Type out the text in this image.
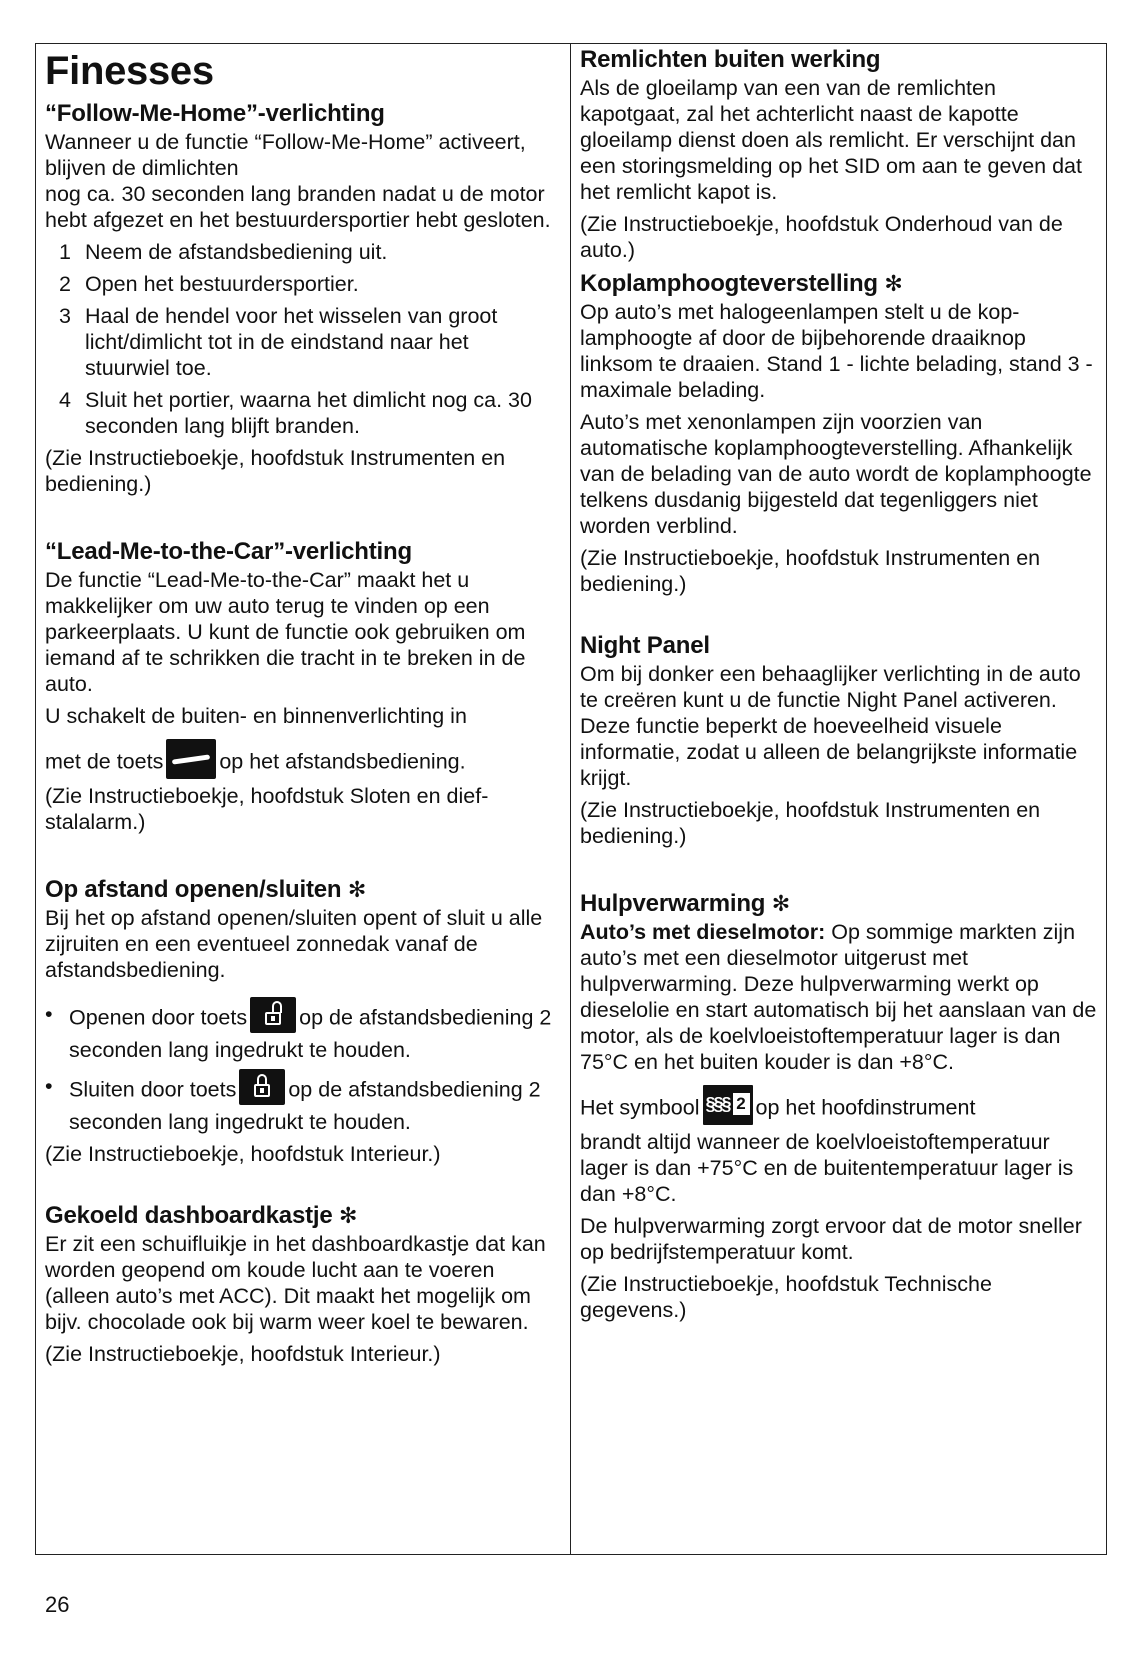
Finesses
“Follow-Me-Home”-verlichting

Wanneer u de functie “Follow-Me-Home” activeert, blijven de dimlichten

nog ca. 30 seconden lang branden nadat u de motor hebt afgezet en het bestuurdersportier hebt gesloten.

1 Neem de afstandsbediening uit.
2 Open het bestuurdersportier.
3 Haal de hendel voor het wisselen van groot licht/dimlicht tot in de eindstand naar het stuurwiel toe.
4 Sluit het portier, waarna het dimlicht nog ca. 30 seconden lang blijft branden.

(Zie Instructieboekje, hoofdstuk Instrumenten en bediening.)

“Lead-Me-to-the-Car”-verlichting

De functie “Lead-Me-to-the-Car” maakt het u makkelijker om uw auto terug te vinden op een parkeerplaats. U kunt de functie ook gebruiken om iemand af te schrikken die tracht in te breken in de auto.

U schakelt de buiten- en binnenverlichting in

met de toets	op het afstandsbediening.

(Zie Instructieboekje, hoofdstuk Sloten en diefstalalarm.)

Op afstand openen/sluiten ✻

Bij het op afstand openen/sluiten opent of sluit u alle zijruiten en een eventueel zonnedak vanaf de afstandsbediening.

• Openen door toets op de afstandsbediening 2 seconden lang ingedrukt te houden.
• Sluiten door toets op de afstandsbediening 2 seconden lang ingedrukt te houden.

(Zie Instructieboekje, hoofdstuk Interieur.)

Gekoeld dashboardkastje ✻

Er zit een schuifluikje in het dashboardkastje dat kan worden geopend om koude lucht aan te voeren (alleen auto’s met ACC). Dit maakt het mogelijk om bijv. chocolade ook bij warm weer koel te bewaren.

(Zie Instructieboekje, hoofdstuk Interieur.)

Remlichten buiten werking

Als de gloeilamp van een van de remlichten kapotgaat, zal het achterlicht naast de kapotte gloeilamp dienst doen als remlicht. Er verschijnt dan een storingsmelding op het SID om aan te geven dat het remlicht kapot is.

(Zie Instructieboekje, hoofdstuk Onderhoud van de auto.)

Koplamphoogteverstelling ✻

Op auto’s met halogeenlampen stelt u de koplamphoogte af door de bijbehorende draaiknop linksom te draaien. Stand 1 - lichte belading, stand 3 - maximale belading.

Auto’s met xenonlampen zijn voorzien van automatische koplamphoogteverstelling. Afhankelijk van de belading van de auto wordt de koplamphoogte telkens dusdanig bijgesteld dat tegenliggers niet worden verblind.

(Zie Instructieboekje, hoofdstuk Instrumenten en bediening.)

Night Panel

Om bij donker een behaaglijker verlichting in de auto te creëren kunt u de functie Night Panel activeren. Deze functie beperkt de hoeveelheid visuele informatie, zodat u alleen de belangrijkste informatie krijgt.

(Zie Instructieboekje, hoofdstuk Instrumenten en bediening.)

Hulpverwarming ✻

Auto’s met dieselmotor: Op sommige markten zijn auto’s met een dieselmotor uitgerust met hulpverwarming. Deze hulpverwarming werkt op dieselolie en start automatisch bij het aanslaan van de motor, als de koelvloeistoftemperatuur lager is dan 75°C en het buiten kouder is dan +8°C.

Het symbool §§§ 2 op het hoofdinstrument

brandt altijd wanneer de koelvloeistoftemperatuur lager is dan +75°C en de buitentemperatuur lager is dan +8°C.

De hulpverwarming zorgt ervoor dat de motor sneller op bedrijfstemperatuur komt.

(Zie Instructieboekje, hoofdstuk Technische gegevens.)

26
